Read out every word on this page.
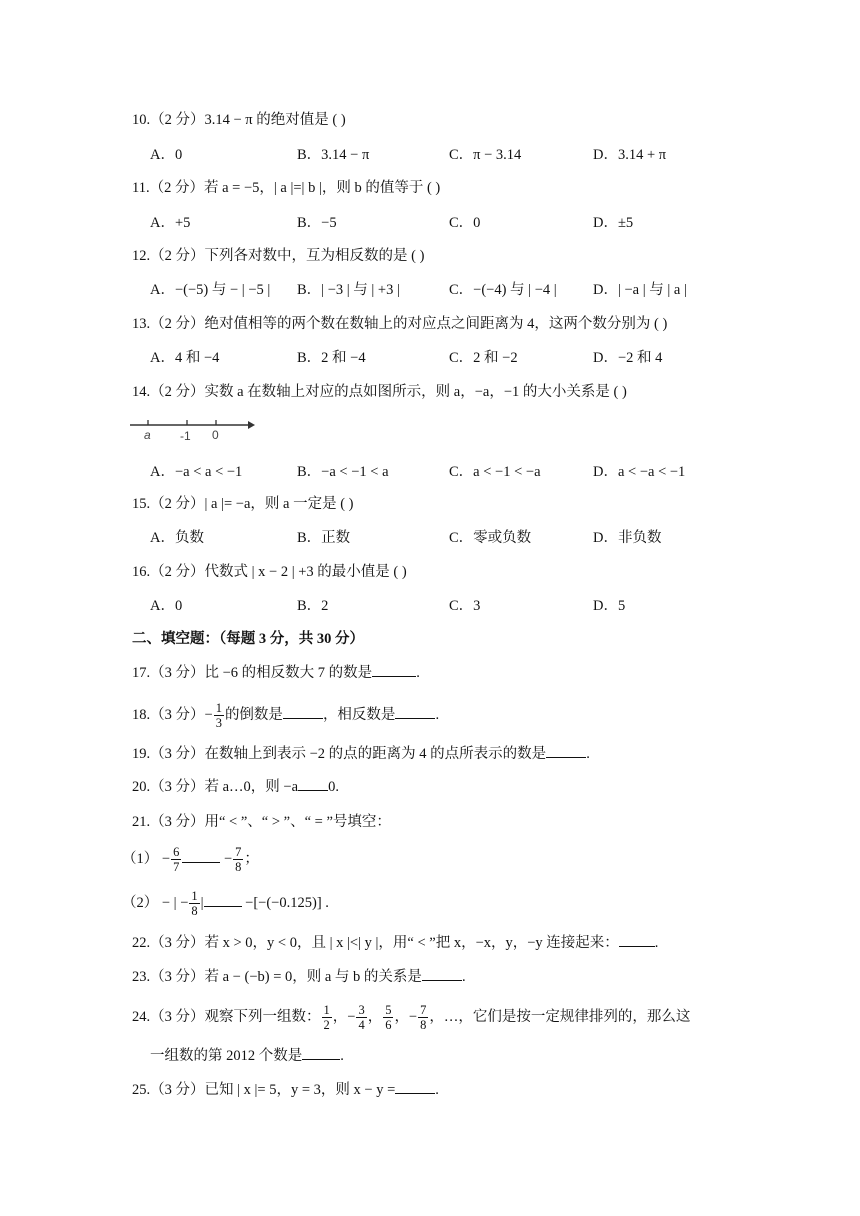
10.（2 分）3.14 − π 的绝对值是 ( )
A．0	B．3.14 − π	C．π − 3.14	D．3.14 + π
11.（2 分）若 a = −5，| a |=| b |，则 b 的值等于 ( )
A．+5	B．−5	C．0	D．±5
12.（2 分）下列各对数中，互为相反数的是 ( )
A．−(−5) 与 − | −5 | B．| −3 | 与 | +3 |	C．−(−4) 与 | −4 |	D．| −a | 与 | a |
13.（2 分）绝对值相等的两个数在数轴上的对应点之间距离为 4，这两个数分别为 ( )
A．4 和 −4	B．2 和 −4	C．2 和 −2	D．−2 和 4
14.（2 分）实数 a 在数轴上对应的点如图所示，则 a，−a，−1 的大小关系是 ( )
a -1 0
A．−a < a < −1	B．−a < −1 < a	C．a < −1 < −a	D．a < −a < −1
15.（2 分）| a |= −a，则 a 一定是 ( )
A．负数	B．正数	C．零或负数	D．非负数
16.（2 分）代数式 | x − 2 | +3 的最小值是 ( )
A．0	B．2	C．3	D．5
二、填空题：（每题 3 分，共 30 分）
17.（3 分）比 −6 的相反数大 7 的数是	.
18.（3 分）− $\frac{1}{3}$ 的倒数是	，相反数是	.
19.（3 分）在数轴上到表示 −2 的点的距离为 4 的点所表示的数是	.
20.（3 分）若 a…0，则 −a 0.
21.（3 分）用“ < ”、“ > ”、“ = ”号填空：
$(1) - \frac{6}{7}$	− $\frac{7}{8}$ ；
（2） − | − $\frac{1}{8}$ |	−[−(−0.125)] .
22.（3 分）若 x > 0，y < 0，且 | x |<| y |，用“ < ”把 x，−x，y，−y 连接起来： .
23.（3 分）若 a − (−b) = 0，则 a 与 b 的关系是	.
24.（3 分）观察下列一组数： $\frac{1}{2}$ ，− $\frac{3}{4}$ ， $\frac{5}{6}$ ，− $\frac{7}{8}$ ，…，它们是按一定规律排列的，那么这
一组数的第 2012 个数是	.
25.（3 分）已知 | x |= 5，y = 3，则 x − y =	.
